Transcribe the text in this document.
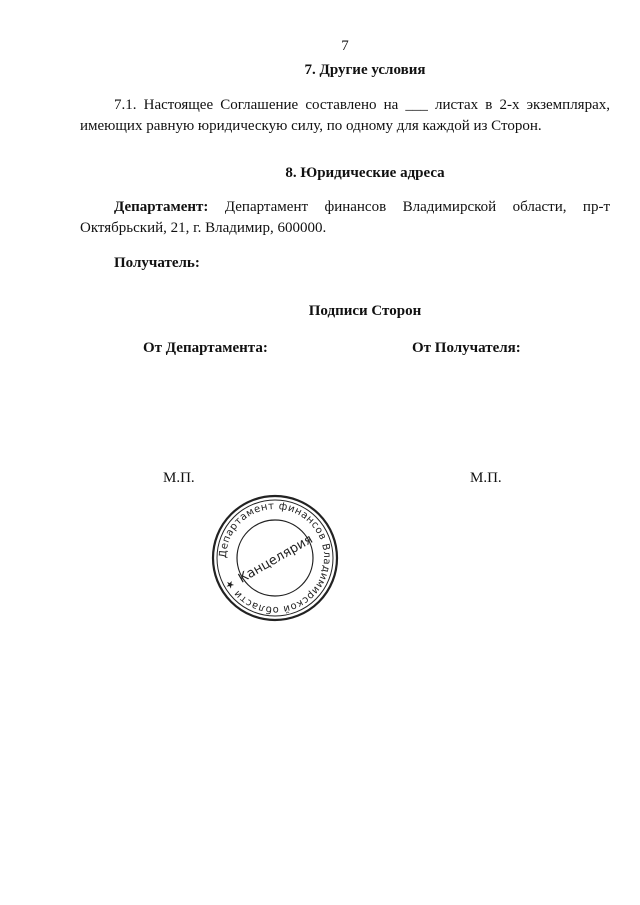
7
7. Другие условия
7.1. Настоящее Соглашение составлено на ___ листах в 2-х экземплярах, имеющих равную юридическую силу, по одному для каждой из Сторон.
8. Юридические адреса
Департамент: Департамент финансов Владимирской области, пр-т Октябрьский, 21, г. Владимир, 600000.
Получатель:
Подписи Сторон
От Департамента:	От Получателя:
М.П.	М.П.
Департамент финансов Владимирской области ★
Канцелярия
